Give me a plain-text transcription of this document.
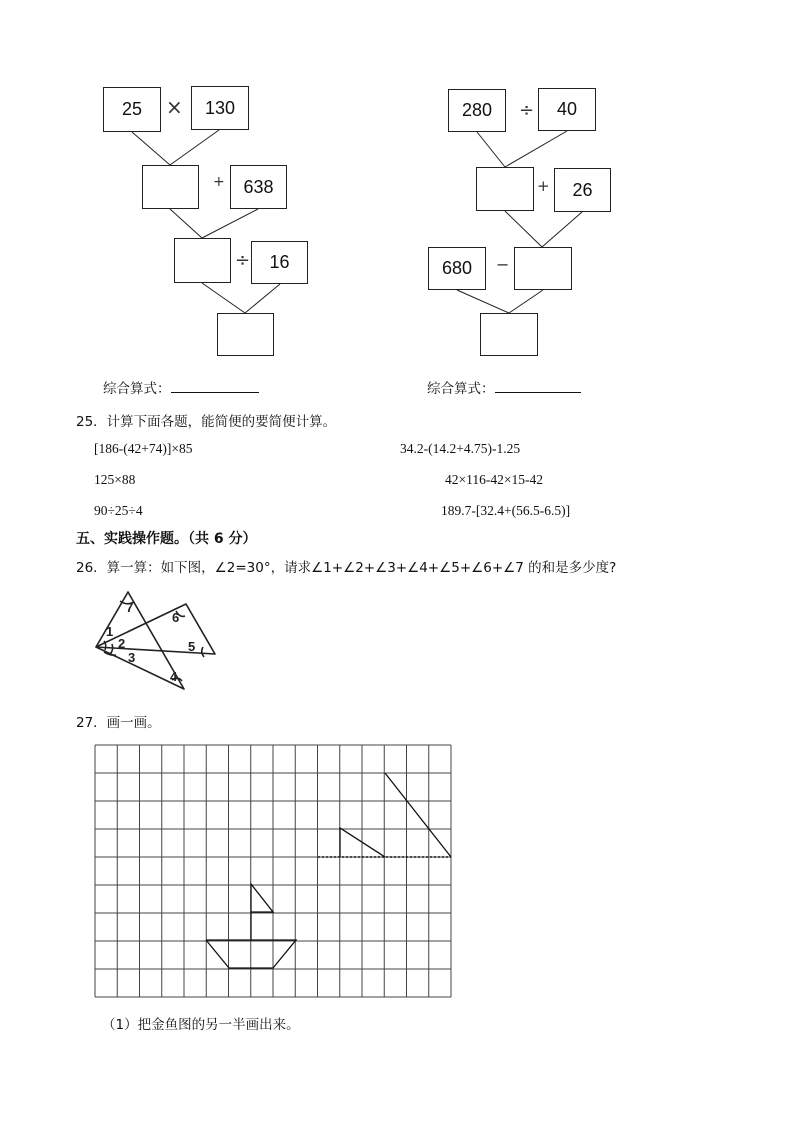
25 × 130
+ 638
÷ 16
280 ÷ 40
+ 26
680 −
综合算式：	综合算式：
25．计算下面各题，能简便的要简便计算。
[186-(42+74)]×85	34.2-(14.2+4.75)-1.25
125×88	42×116-42×15-42
90÷25÷4	189.7-[32.4+(56.5-6.5)]
五、实践操作题。（共 6 分）
26．算一算：如下图，∠2=30°，请求∠1+∠2+∠3+∠4+∠5+∠6+∠7 的和是多少度?
1
2
3
4
5
6
7
27．画一画。
（1）把金鱼图的另一半画出来。
